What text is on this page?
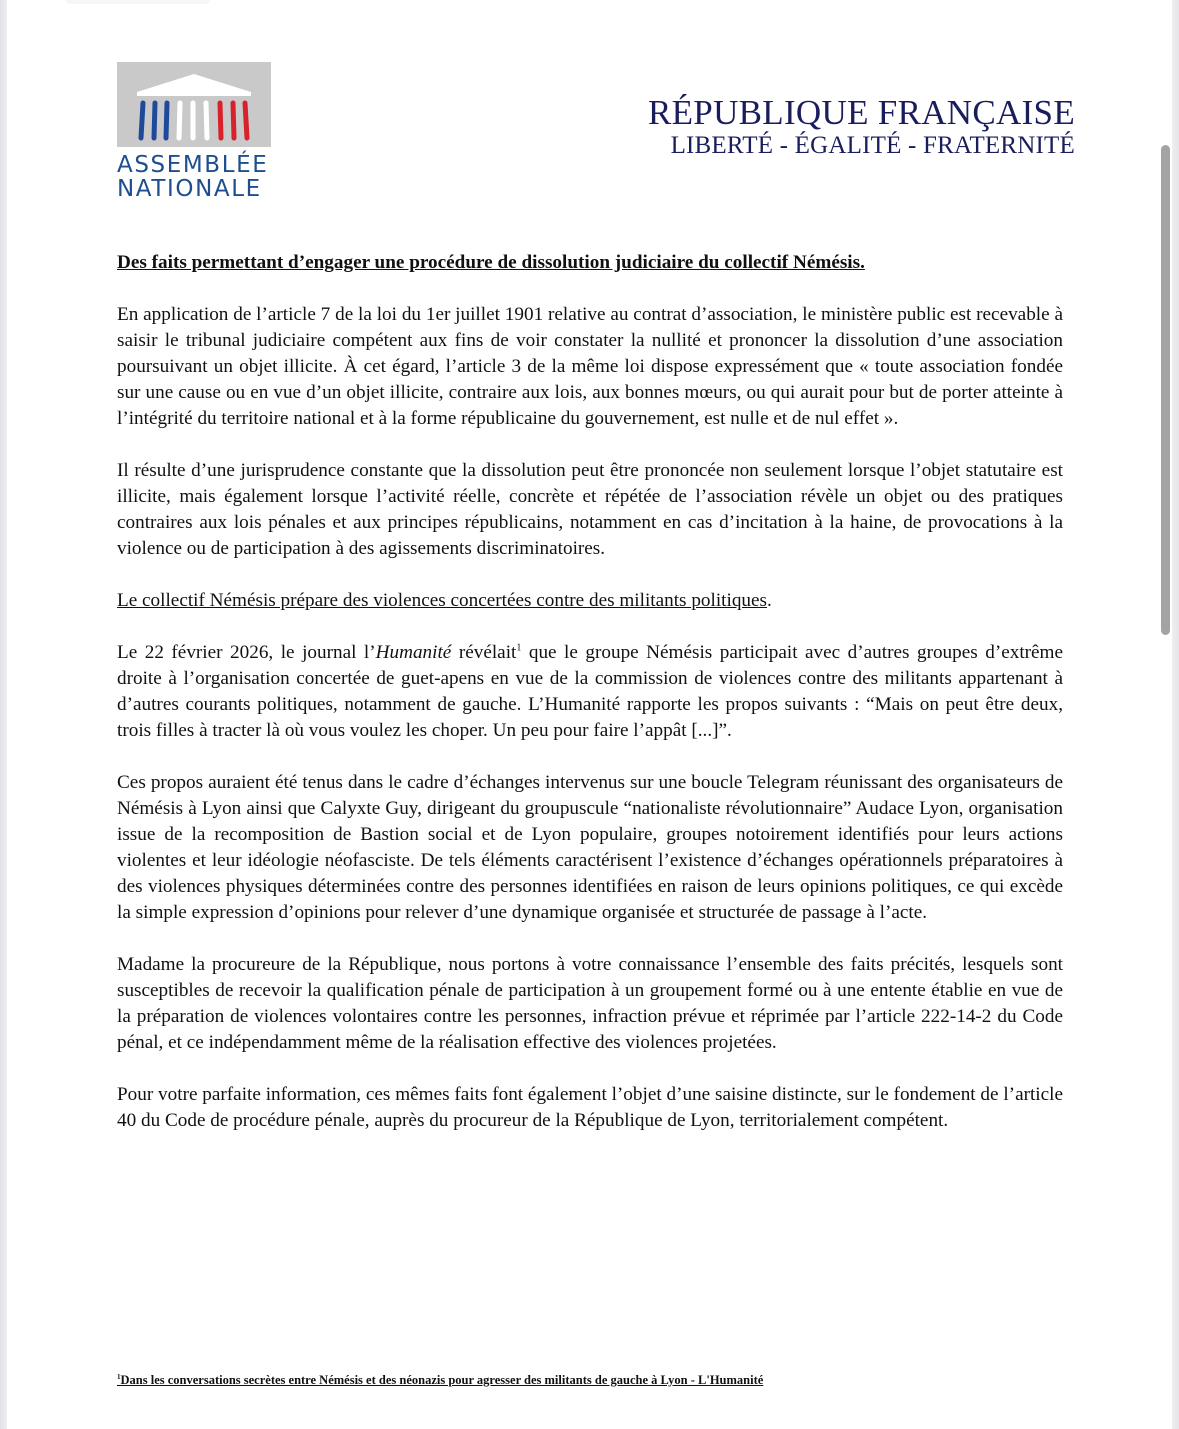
ASSEMBLÉE
NATIONALE
RÉPUBLIQUE FRANÇAISE
LIBERTÉ - ÉGALITÉ - FRATERNITÉ

Des faits permettant d’engager une procédure de dissolution judiciaire du collectif Némésis.

En application de l’article 7 de la loi du 1er juillet 1901 relative au contrat d’association, le ministère public est recevable à saisir le tribunal judiciaire compétent aux fins de voir constater la nullité et prononcer la dissolution d’une association poursuivant un objet illicite. À cet égard, l’article 3 de la même loi dispose expressément que « toute association fondée sur une cause ou en vue d’un objet illicite, contraire aux lois, aux bonnes mœurs, ou qui aurait pour but de porter atteinte à l’intégrité du territoire national et à la forme républicaine du gouvernement, est nulle et de nul effet ».

Il résulte d’une jurisprudence constante que la dissolution peut être prononcée non seulement lorsque l’objet statutaire est illicite, mais également lorsque l’activité réelle, concrète et répétée de l’association révèle un objet ou des pratiques contraires aux lois pénales et aux principes républicains, notamment en cas d’incitation à la haine, de provocations à la violence ou de participation à des agissements discriminatoires.

Le collectif Némésis prépare des violences concertées contre des militants politiques.

Le 22 février 2026, le journal l’Humanité révélait$^1$ que le groupe Némésis participait avec d’autres groupes d’extrême droite à l’organisation concertée de guet-apens en vue de la commission de violences contre des militants appartenant à d’autres courants politiques, notamment de gauche. L’Humanité rapporte les propos suivants : “Mais on peut être deux, trois filles à tracter là où vous voulez les choper. Un peu pour faire l’appât [...]”.

Ces propos auraient été tenus dans le cadre d’échanges intervenus sur une boucle Telegram réunissant des organisateurs de Némésis à Lyon ainsi que Calyxte Guy, dirigeant du groupuscule “nationaliste révolutionnaire” Audace Lyon, organisation issue de la recomposition de Bastion social et de Lyon populaire, groupes notoirement identifiés pour leurs actions violentes et leur idéologie néofasciste. De tels éléments caractérisent l’existence d’échanges opérationnels préparatoires à des violences physiques déterminées contre des personnes identifiées en raison de leurs opinions politiques, ce qui excède la simple expression d’opinions pour relever d’une dynamique organisée et structurée de passage à l’acte.

Madame la procureure de la République, nous portons à votre connaissance l’ensemble des faits précités, lesquels sont susceptibles de recevoir la qualification pénale de participation à un groupement formé ou à une entente établie en vue de la préparation de violences volontaires contre les personnes, infraction prévue et réprimée par l’article 222-14-2 du Code pénal, et ce indépendamment même de la réalisation effective des violences projetées.

Pour votre parfaite information, ces mêmes faits font également l’objet d’une saisine distincte, sur le fondement de l’article 40 du Code de procédure pénale, auprès du procureur de la République de Lyon, territorialement compétent.

$^1$Dans les conversations secrètes entre Némésis et des néonazis pour agresser des militants de gauche à Lyon - L'Humanité
